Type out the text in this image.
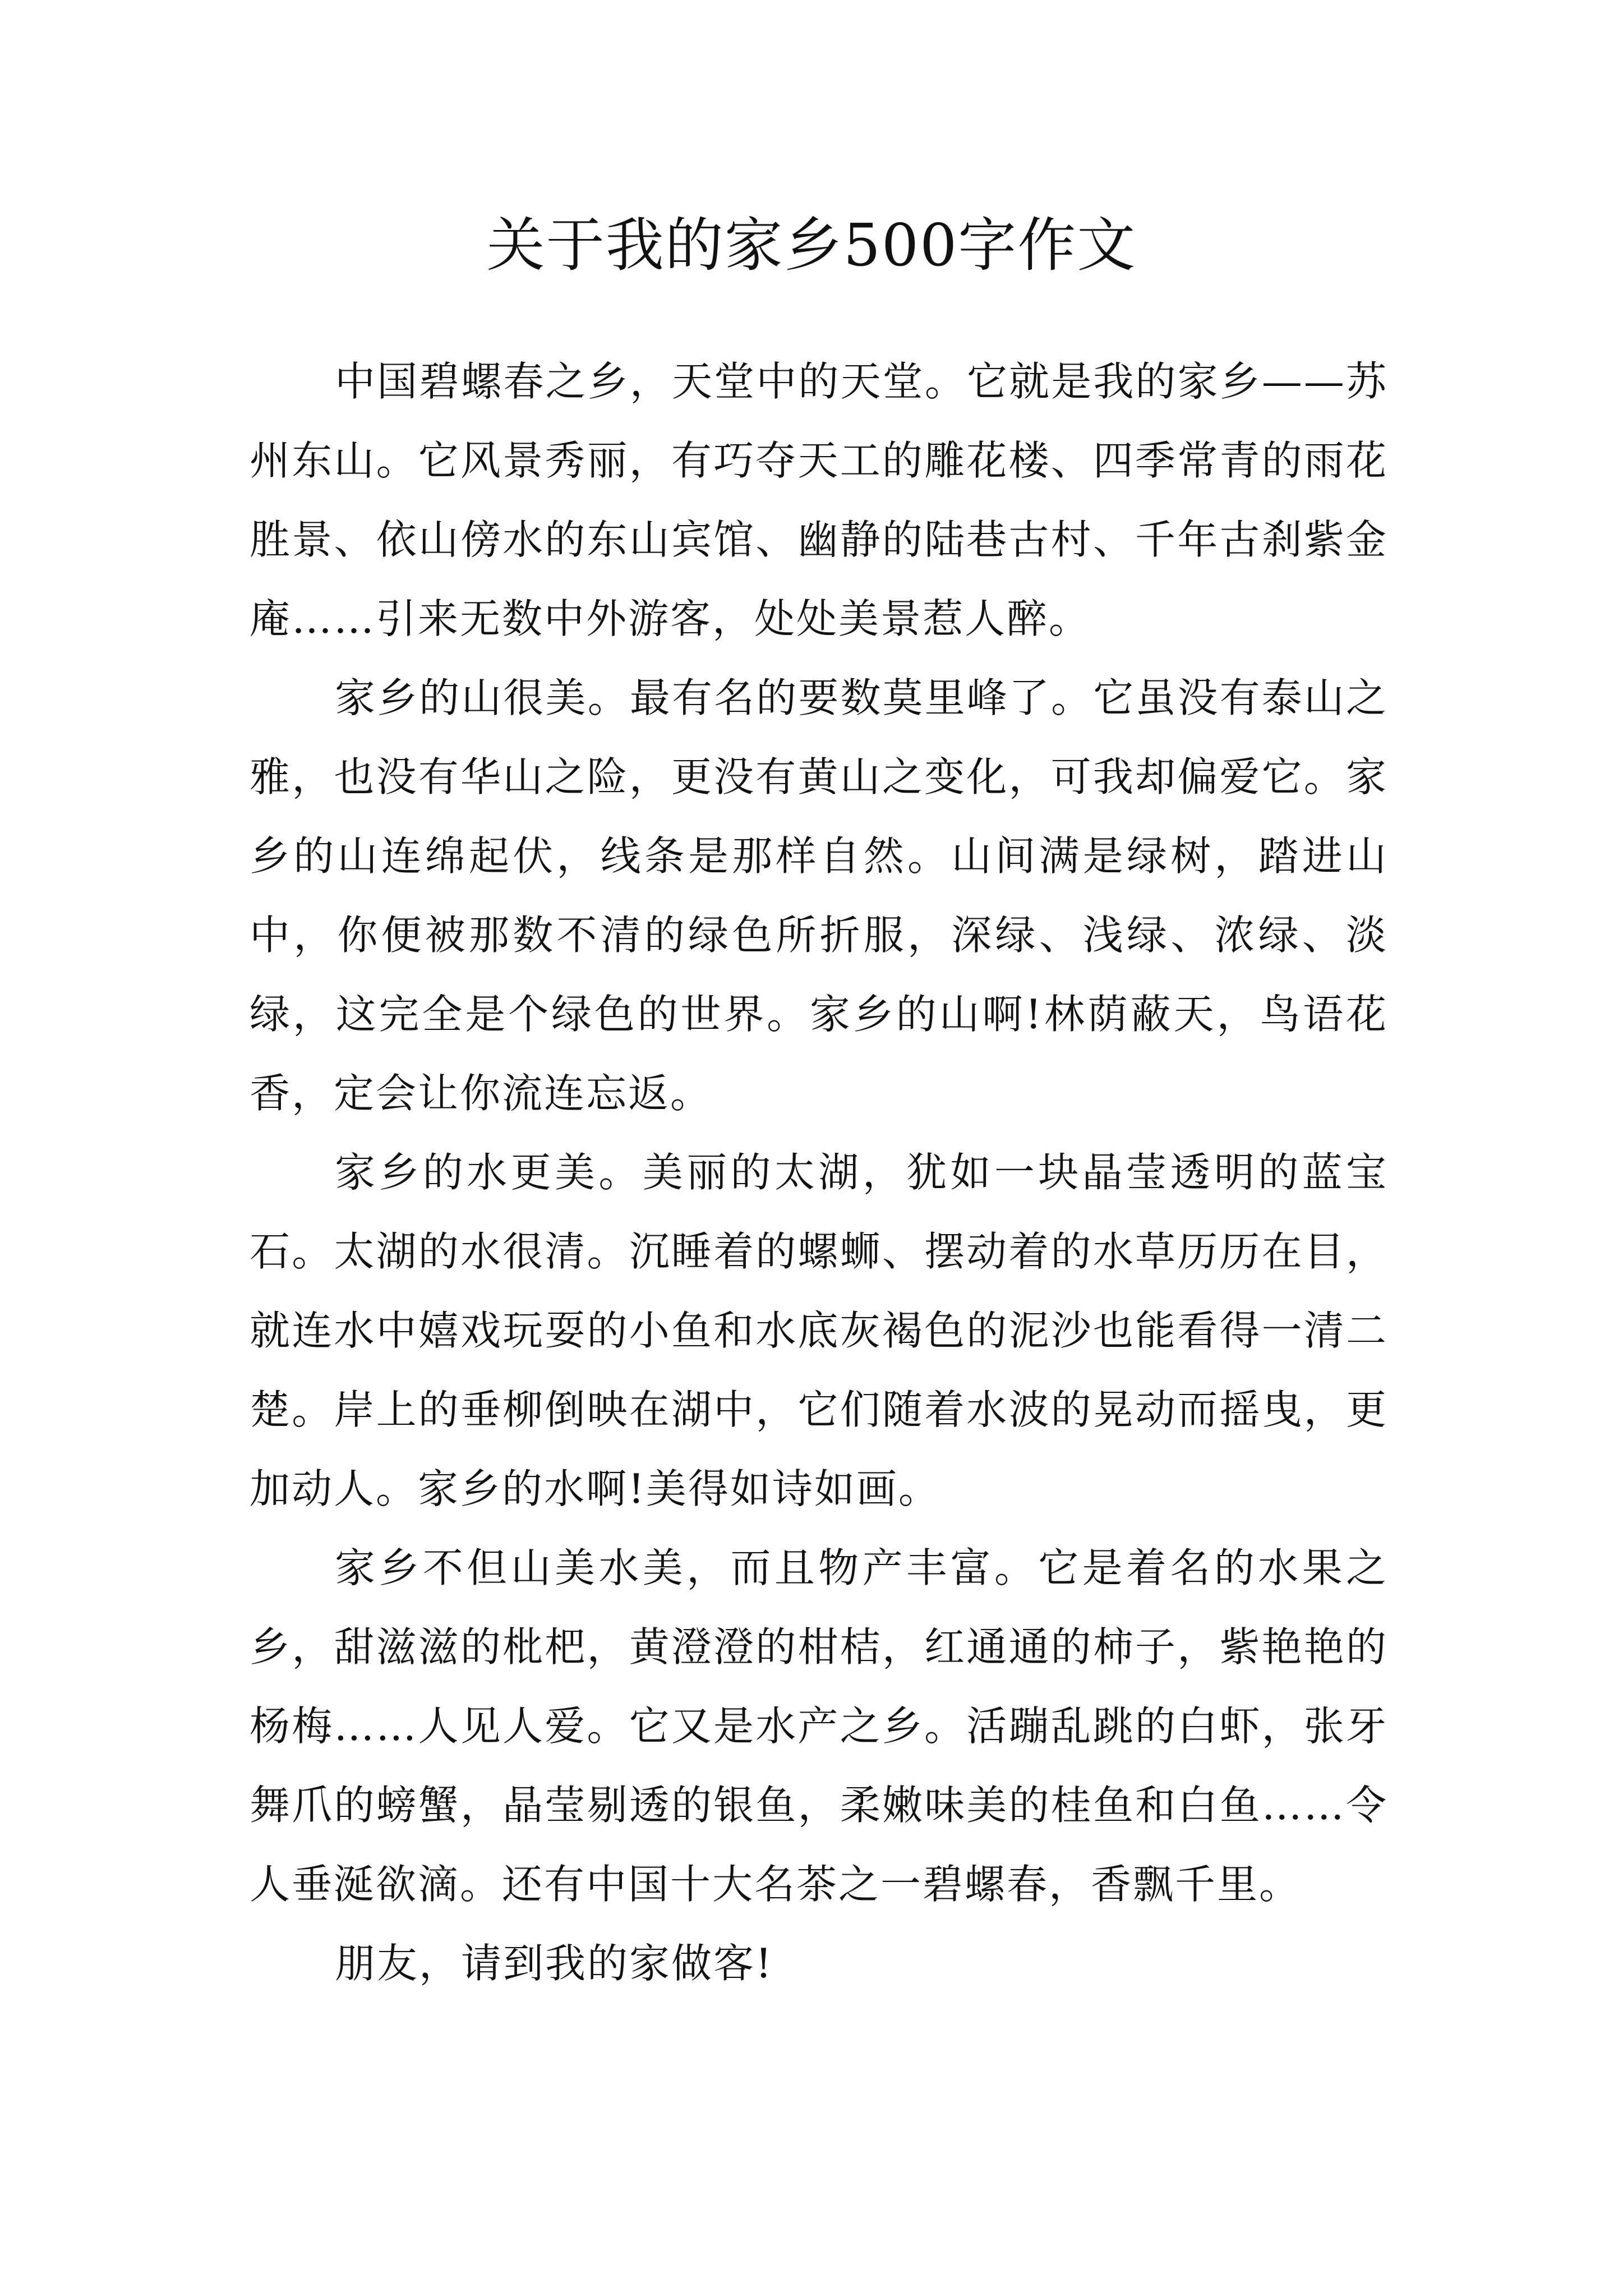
关于我的家乡500字作文

中国碧螺春之乡，天堂中的天堂。它就是我的家乡——苏州东山。它风景秀丽，有巧夺天工的雕花楼、四季常青的雨花胜景、依山傍水的东山宾馆、幽静的陆巷古村、千年古刹紫金庵……引来无数中外游客，处处美景惹人醉。

家乡的山很美。最有名的要数莫里峰了。它虽没有泰山之雅，也没有华山之险，更没有黄山之变化，可我却偏爱它。家乡的山连绵起伏，线条是那样自然。山间满是绿树，踏进山中，你便被那数不清的绿色所折服，深绿、浅绿、浓绿、淡绿，这完全是个绿色的世界。家乡的山啊!林荫蔽天，鸟语花香，定会让你流连忘返。

家乡的水更美。美丽的太湖，犹如一块晶莹透明的蓝宝石。太湖的水很清。沉睡着的螺蛳、摆动着的水草历历在目，就连水中嬉戏玩耍的小鱼和水底灰褐色的泥沙也能看得一清二楚。岸上的垂柳倒映在湖中，它们随着水波的晃动而摇曳，更加动人。家乡的水啊!美得如诗如画。

家乡不但山美水美，而且物产丰富。它是着名的水果之乡，甜滋滋的枇杷，黄澄澄的柑桔，红通通的柿子，紫艳艳的杨梅……人见人爱。它又是水产之乡。活蹦乱跳的白虾，张牙舞爪的螃蟹，晶莹剔透的银鱼，柔嫩味美的桂鱼和白鱼……令人垂涎欲滴。还有中国十大名茶之一碧螺春，香飘千里。

朋友，请到我的家做客!
